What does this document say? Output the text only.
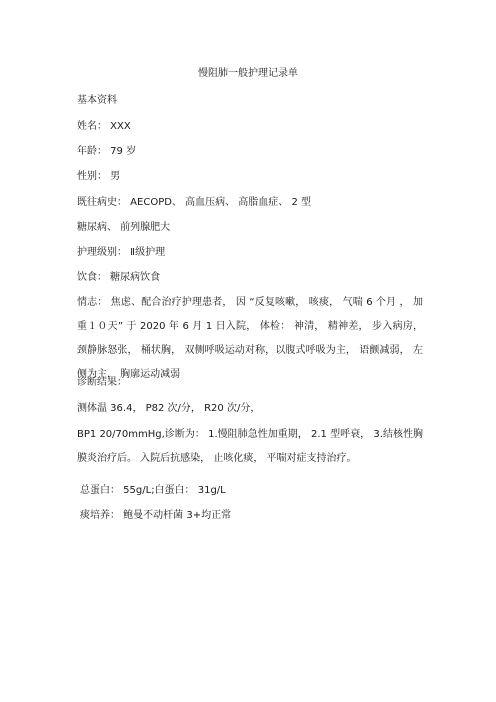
慢阻肺一般护理记录单
基本资料
姓名： XXX
年龄： 79 岁
性别： 男
既往病史： AECOPD、 高血压病、 高脂血症、 2 型
糖尿病、 前列腺肥大
护理级别： Ⅱ级护理
饮食： 糖尿病饮食
情志： 焦虑、配合治疗护理患者， 因 “反复咳嗽， 咳痰， 气喘 6 个月 ， 加重１０天” 于 2020 年 6 月 1 日入院， 体检： 神清， 精神差， 步入病房，颈静脉怒张， 桶状胸， 双侧呼吸运动对称，以腹式呼吸为主， 语颤减弱， 左侧为主， 胸廓运动减弱
诊断结果：
测体温 36.4， P82 次/分， R20 次/分，
BP1 20/70mmHg,诊断为： 1.慢阻肺急性加重期， 2.1 型呼衰， 3.结核性胸膜炎治疗后。 入院后抗感染， 止咳化痰， 平喘对症支持治疗。
总蛋白： 55g/L;白蛋白： 31g/L
痰培养： 鲍曼不动杆菌 3+均正常
